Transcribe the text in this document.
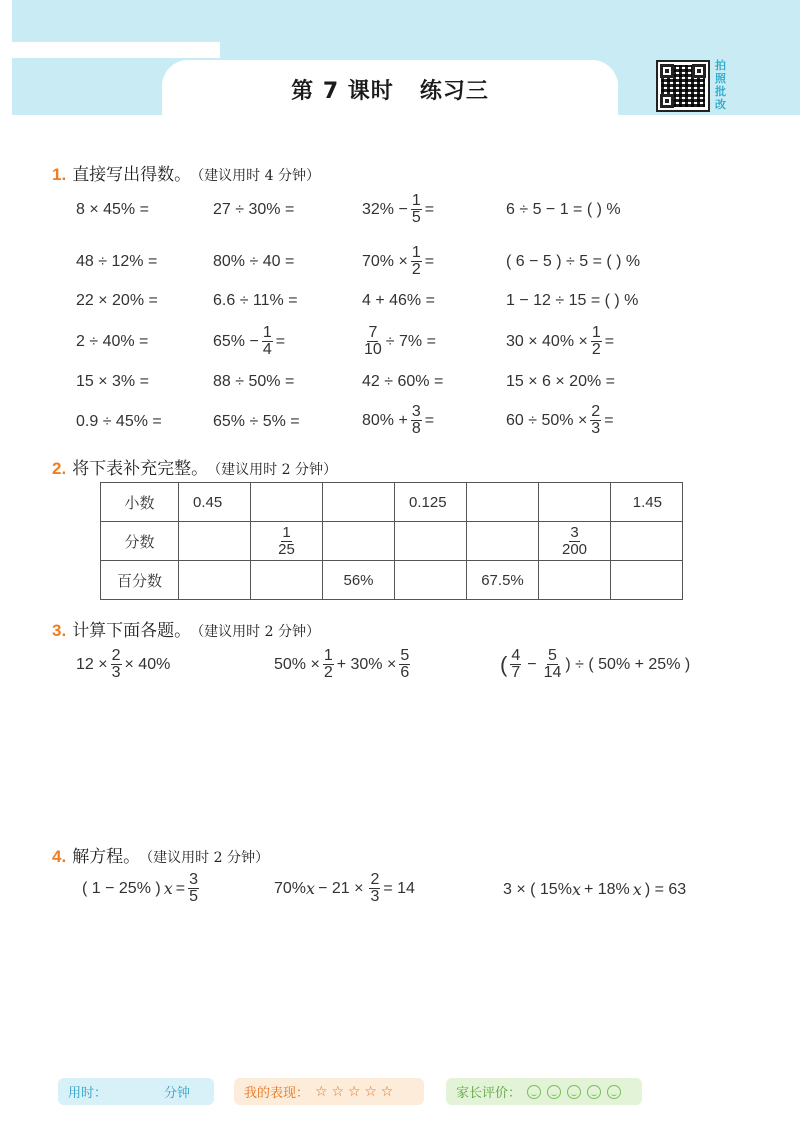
第 7 课时 练习三
拍照批改
1. 直接写出得数。 （建议用时 4 分钟）
8 × 45% =	27 ÷ 30% =	$32\% - \frac{1}{5}$ =	6 ÷ 5 − 1 = ( ) %
48 ÷ 12% =	80% ÷ 40 =	$70\% \times \frac{1}{2}$ =	( 6 − 5 ) ÷ 5 = ( ) %
22 × 20% =	6.6 ÷ 11% =	4 + 46% =	1 − 12 ÷ 15 = ( ) %
2 ÷ 40% =	$65\% - \frac{1}{4}$ =	$\frac{7}{10} \div 7\%$ =	$30 \times 40\% \times \frac{1}{2}$ =
15 × 3% =	88 ÷ 50% =	42 ÷ 60% =	15 × 6 × 20% =
0.9 ÷ 45% =	65% ÷ 5% =	$80\% + \frac{3}{8}$ =	$60 \div 50\% \times \frac{2}{3}$ =
2. 将下表补充完整。 （建议用时 2 分钟）
小数	0.45			0.125			1.45
分数		$\frac{1}{25}$				$\frac{3}{200}$

百分数			56%		67.5%		
3. 计算下面各题。 （建议用时 2 分钟）
$12 \times \frac{2}{3} \times 40\%$	$50\% \times \frac{1}{2} + 30\% \times \frac{5}{6}$	( $\frac{4}{7} - \frac{5}{14}$ ) ÷ ( 50% + 25% )
4. 解方程。 （建议用时 2 分钟）
( 1 − 25% ) $x = \frac{3}{5}$	70% $x - 21 \times \frac{2}{3} = 14$	3 × ( 15% x + 18% x ) = 63
用时：	分钟	我的表现： ☆ ☆ ☆ ☆ ☆	家长评价：
